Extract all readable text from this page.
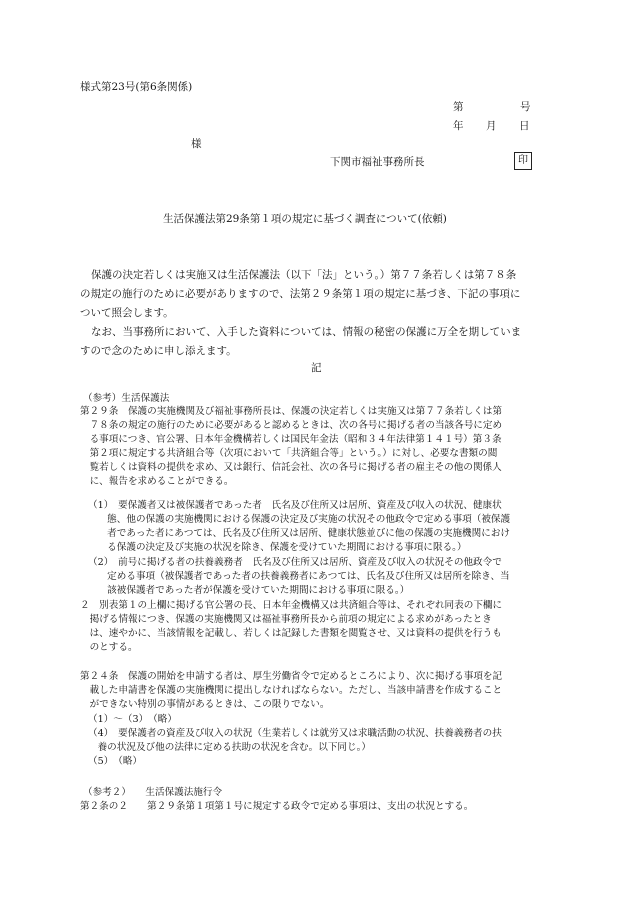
様式第23号(第6条関係)
第	号
年 月 日
様
下関市福祉事務所長	印
生活保護法第29条第１項の規定に基づく調査について(依頼)

保護の決定若しくは実施又は生活保護法（以下「法」という。）第７７条若しくは第７８条

の規定の施行のために必要がありますので、法第２９条第１項の規定に基づき、下記の事項に

ついて照会します。

なお、当事務所において、入手した資料については、情報の秘密の保護に万全を期していま

すので念のために申し添えます。

記
（参考）生活保護法

第２９条　保護の実施機関及び福祉事務所長は、保護の決定若しくは実施又は第７７条若しくは第

　７８条の規定の施行のために必要があると認めるときは、次の各号に掲げる者の当該各号に定め

　る事項につき、官公署、日本年金機構若しくは国民年金法（昭和３４年法律第１４１号）第３条

　第２項に規定する共済組合等（次項において「共済組合等」という。）に対し、必要な書類の閲

　覧若しくは資料の提供を求め、又は銀行、信託会社、次の各号に掲げる者の雇主その他の関係人

　に、報告を求めることができる。

（1）　要保護者又は被保護者であった者　氏名及び住所又は居所、資産及び収入の状況、健康状

　　態、他の保護の実施機関における保護の決定及び実施の状況その他政令で定める事項（被保護

　　者であった者にあつては、氏名及び住所又は居所、健康状態並びに他の保護の実施機関におけ

　　る保護の決定及び実施の状況を除き、保護を受けていた期間における事項に限る。）

（2）　前号に掲げる者の扶養義務者　氏名及び住所又は居所、資産及び収入の状況その他政令で

　　定める事項（被保護者であった者の扶養義務者にあつては、氏名及び住所又は居所を除き、当

　　該被保護者であった者が保護を受けていた期間における事項に限る。）

２　別表第１の上欄に掲げる官公署の長、日本年金機構又は共済組合等は、それぞれ同表の下欄に

　掲げる情報につき、保護の実施機関又は福祉事務所長から前項の規定による求めがあったとき

　は、速やかに、当該情報を記載し、若しくは記録した書類を閲覧させ、又は資料の提供を行うも

　のとする。

第２４条　保護の開始を申請する者は、厚生労働省令で定めるところにより、次に掲げる事項を記

　載した申請書を保護の実施機関に提出しなければならない。ただし、当該申請書を作成すること

　ができない特別の事情があるときは、この限りでない。

（1）～（3）　（略）

（4）　要保護者の資産及び収入の状況（生業若しくは就労又は求職活動の状況、扶養義務者の扶

　養の状況及び他の法律に定める扶助の状況を含む。以下同じ。）

（5）　（略）
（参考２）　　生活保護法施行令
第２条の２　　第２９条第１項第１号に規定する政令で定める事項は、支出の状況とする。
